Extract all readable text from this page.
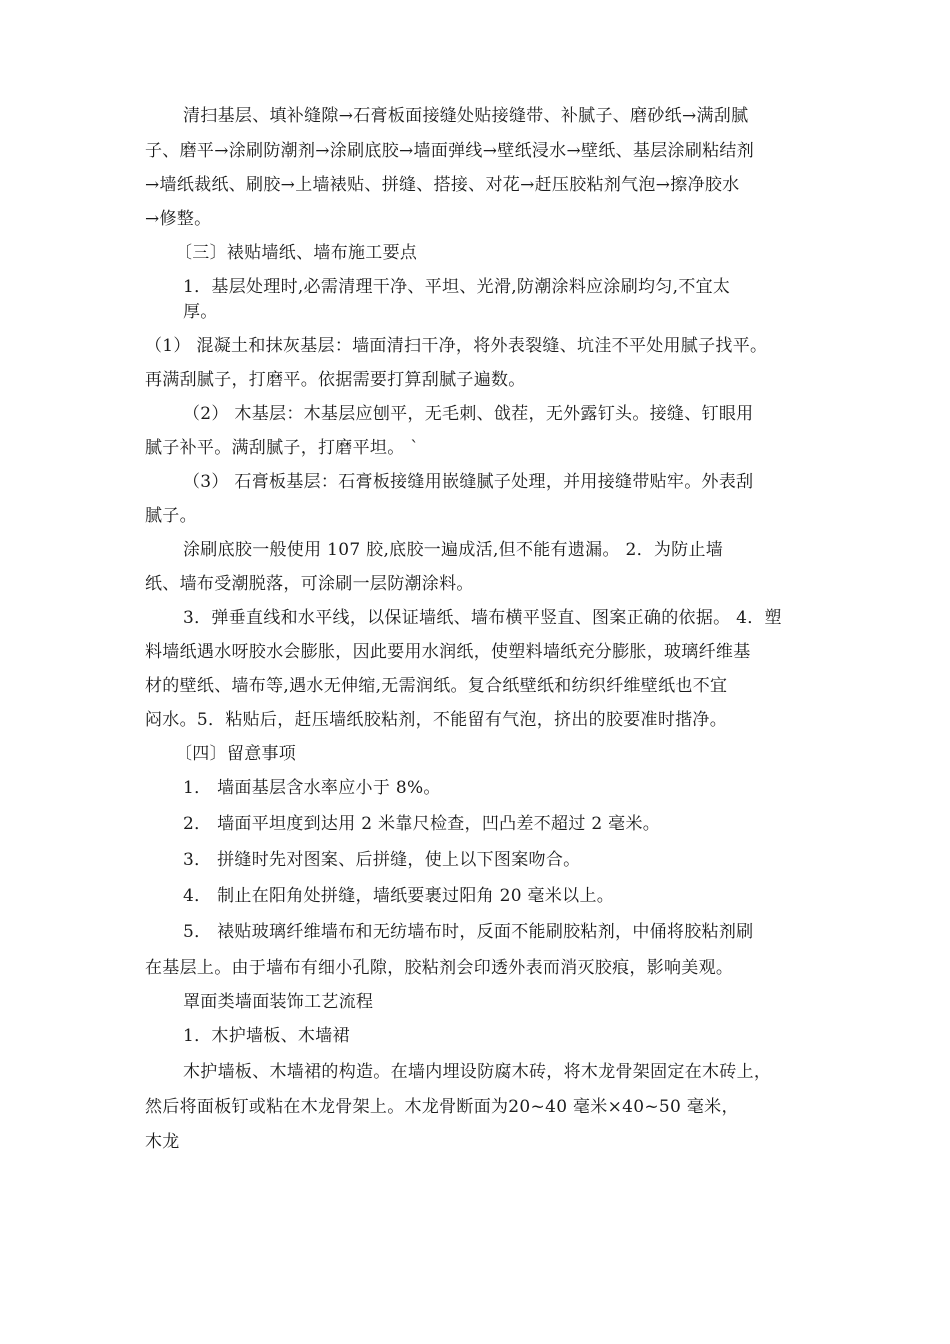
清扫基层、填补缝隙→石膏板面接缝处贴接缝带、补腻子、磨砂纸→满刮腻
子、磨平→涂刷防潮剂→涂刷底胶→墙面弹线→壁纸浸水→壁纸、基层涂刷粘结剂
→墙纸裁纸、刷胶→上墙裱贴、拼缝、搭接、对花→赶压胶粘剂气泡→擦净胶水
→修整。
〔三〕裱贴墙纸、墙布施工要点
1．基层处理时,必需清理干净、平坦、光滑,防潮涂料应涂刷均匀,不宜太
厚。
（1） 混凝土和抹灰基层：墙面清扫干净，将外表裂缝、坑洼不平处用腻子找平。
再满刮腻子，打磨平。依据需要打算刮腻子遍数。
（2） 木基层：木基层应刨平，无毛刺、戗茬，无外露钉头。接缝、钉眼用
腻子补平。满刮腻子，打磨平坦。 `
（3） 石膏板基层：石膏板接缝用嵌缝腻子处理，并用接缝带贴牢。外表刮
腻子。
涂刷底胶一般使用 107 胶,底胶一遍成活,但不能有遗漏。 2．为防止墙
纸、墙布受潮脱落，可涂刷一层防潮涂料。
3．弹垂直线和水平线，以保证墙纸、墙布横平竖直、图案正确的依据。 4．塑
料墙纸遇水呀胶水会膨胀，因此要用水润纸，使塑料墙纸充分膨胀，玻璃纤维基
材的壁纸、墙布等,遇水无伸缩,无需润纸。复合纸壁纸和纺织纤维壁纸也不宜
闷水。5．粘贴后，赶压墙纸胶粘剂，不能留有气泡，挤出的胶要准时揩净。
〔四〕留意事项
1． 墙面基层含水率应小于 8%。
2． 墙面平坦度到达用 2 米靠尺检查，凹凸差不超过 2 毫米。
3． 拼缝时先对图案、后拼缝，使上以下图案吻合。
4． 制止在阳角处拼缝，墙纸要裹过阳角 20 毫米以上。
5． 裱贴玻璃纤维墙布和无纺墙布时，反面不能刷胶粘剂，中俑将胶粘剂刷
在基层上。由于墙布有细小孔隙，胶粘剂会印透外表而消灭胶痕，影响美观。
罩面类墙面装饰工艺流程
1．木护墙板、木墙裙
木护墙板、木墙裙的构造。在墙内埋设防腐木砖，将木龙骨架固定在木砖上，
然后将面板钉或粘在木龙骨架上。木龙骨断面为20~40 毫米×40~50 毫米，
木龙
